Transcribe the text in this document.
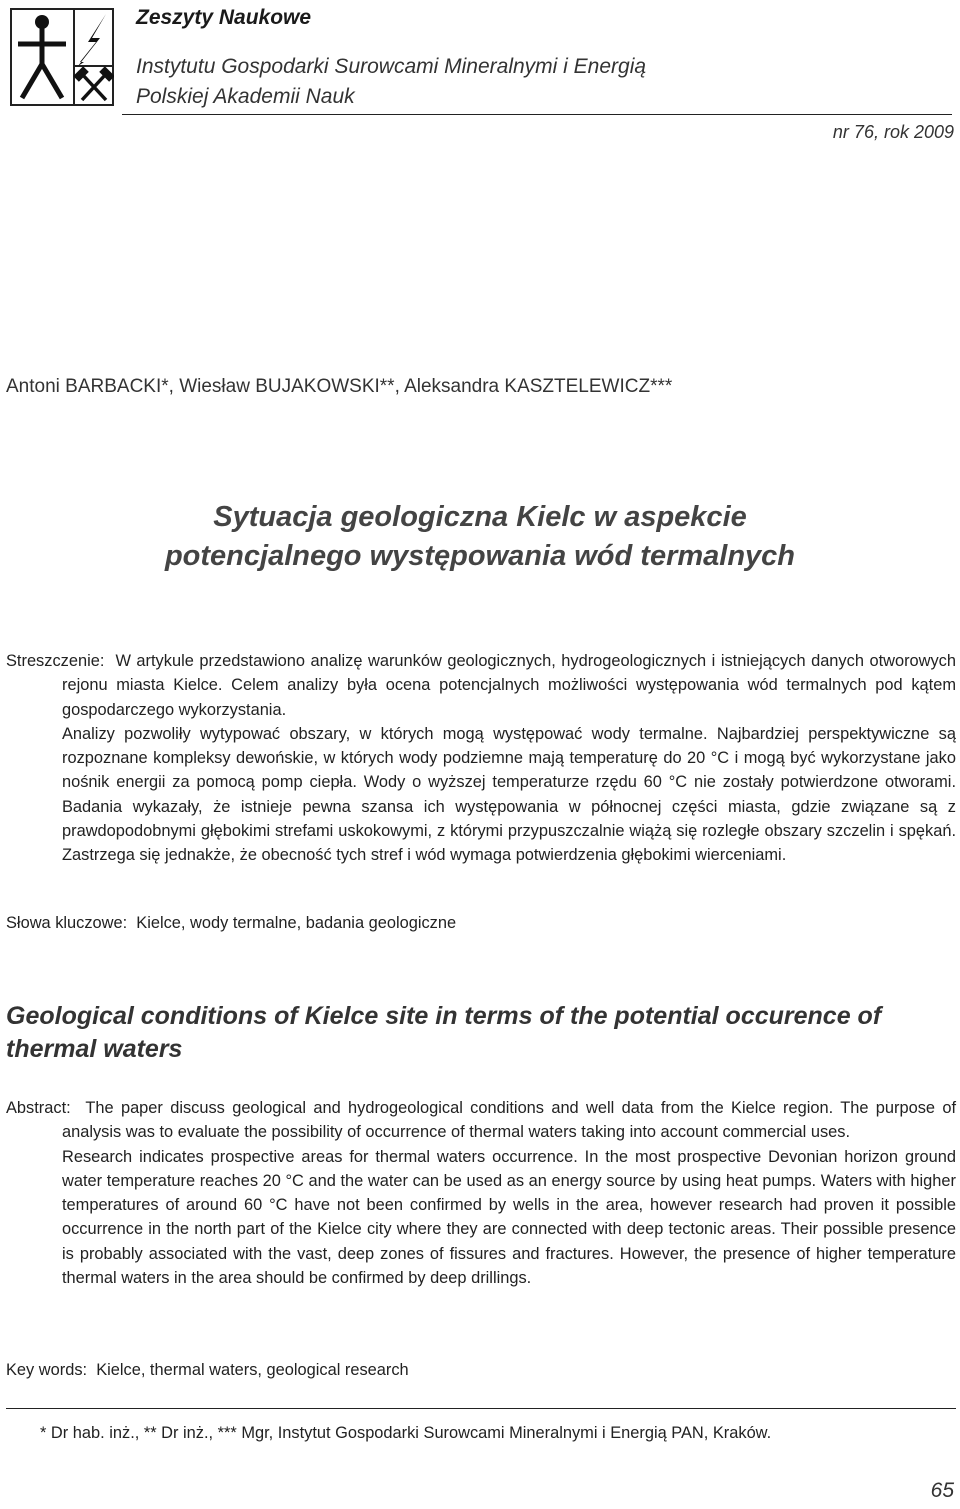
Zeszyty Naukowe
Instytutu Gospodarki Surowcami Mineralnymi i Energią
Polskiej Akademii Nauk
nr 76, rok 2009
Antoni BARBACKI*, Wiesław BUJAKOWSKI**, Aleksandra KASZTELEWICZ***
Sytuacja geologiczna Kielc w aspekcie
potencjalnego występowania wód termalnych
Streszczenie: W artykule przedstawiono analizę warunków geologicznych, hydrogeologicznych i istniejących danych otworowych rejonu miasta Kielce. Celem analizy była ocena potencjalnych możliwości występowania wód termalnych pod kątem gospodarczego wykorzystania.
Analizy pozwoliły wytypować obszary, w których mogą występować wody termalne. Najbardziej perspektywiczne są rozpoznane kompleksy dewońskie, w których wody podziemne mają temperaturę do 20 °C i mogą być wykorzystane jako nośnik energii za pomocą pomp ciepła. Wody o wyższej temperaturze rzędu 60 °C nie zostały potwierdzone otworami. Badania wykazały, że istnieje pewna szansa ich występowania w północnej części miasta, gdzie związane są z prawdopodobnymi głębokimi strefami uskokowymi, z którymi przypuszczalnie wiążą się rozległe obszary szczelin i spękań. Zastrzega się jednakże, że obecność tych stref i wód wymaga potwierdzenia głębokimi wierceniami.
Słowa kluczowe: Kielce, wody termalne, badania geologiczne
Geological conditions of Kielce site in terms of the potential occurence of thermal waters
Abstract: The paper discuss geological and hydrogeological conditions and well data from the Kielce region. The purpose of analysis was to evaluate the possibility of occurrence of thermal waters taking into account commercial uses.
Research indicates prospective areas for thermal waters occurrence. In the most prospective Devonian horizon ground water temperature reaches 20 °C and the water can be used as an energy source by using heat pumps. Waters with higher temperatures of around 60 °C have not been confirmed by wells in the area, however research had proven it possible occurrence in the north part of the Kielce city where they are connected with deep tectonic areas. Their possible presence is probably associated with the vast, deep zones of fissures and fractures. However, the presence of higher temperature thermal waters in the area should be confirmed by deep drillings.
Key words: Kielce, thermal waters, geological research
* Dr hab. inż., ** Dr inż., *** Mgr, Instytut Gospodarki Surowcami Mineralnymi i Energią PAN, Kraków.
65
